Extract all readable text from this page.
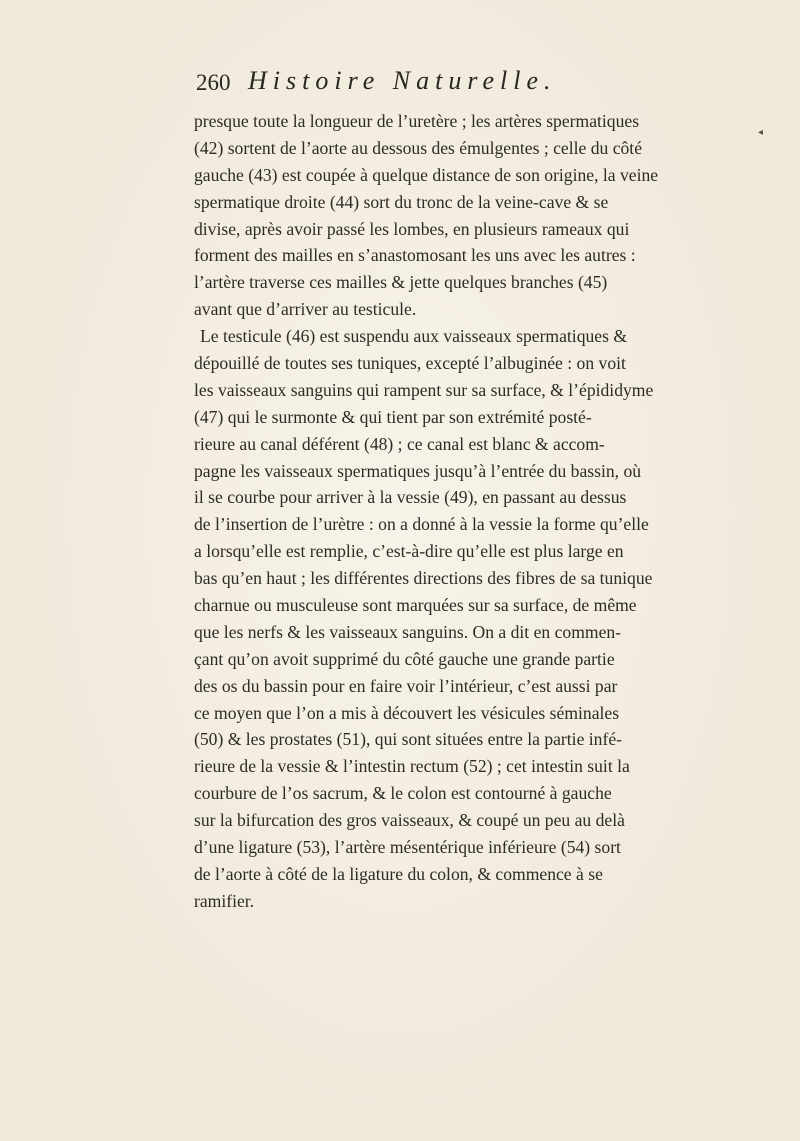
260 Histoire Naturelle.
◂
presque toute la longueur de l’uretère ; les artères spermatiques
(42) sortent de l’aorte au dessous des émulgentes ; celle du côté
gauche (43) est coupée à quelque distance de son origine, la veine
spermatique droite (44) sort du tronc de la veine-cave & se
divise, après avoir passé les lombes, en plusieurs rameaux qui
forment des mailles en s’anastomosant les uns avec les autres :
l’artère traverse ces mailles & jette quelques branches (45)
avant que d’arriver au testicule.
Le testicule (46) est suspendu aux vaisseaux spermatiques &
dépouillé de toutes ses tuniques, excepté l’albuginée : on voit
les vaisseaux sanguins qui rampent sur sa surface, & l’épididyme
(47) qui le surmonte & qui tient par son extrémité posté-
rieure au canal déférent (48) ; ce canal est blanc & accom-
pagne les vaisseaux spermatiques jusqu’à l’entrée du bassin, où
il se courbe pour arriver à la vessie (49), en passant au dessus
de l’insertion de l’urètre : on a donné à la vessie la forme qu’elle
a lorsqu’elle est remplie, c’est-à-dire qu’elle est plus large en
bas qu’en haut ; les différentes directions des fibres de sa tunique
charnue ou musculeuse sont marquées sur sa surface, de même
que les nerfs & les vaisseaux sanguins. On a dit en commen-
çant qu’on avoit supprimé du côté gauche une grande partie
des os du bassin pour en faire voir l’intérieur, c’est aussi par
ce moyen que l’on a mis à découvert les vésicules séminales
(50) & les prostates (51), qui sont situées entre la partie infé-
rieure de la vessie & l’intestin rectum (52) ; cet intestin suit la
courbure de l’os sacrum, & le colon est contourné à gauche
sur la bifurcation des gros vaisseaux, & coupé un peu au delà
d’une ligature (53), l’artère mésentérique inférieure (54) sort
de l’aorte à côté de la ligature du colon, & commence à se
ramifier.
